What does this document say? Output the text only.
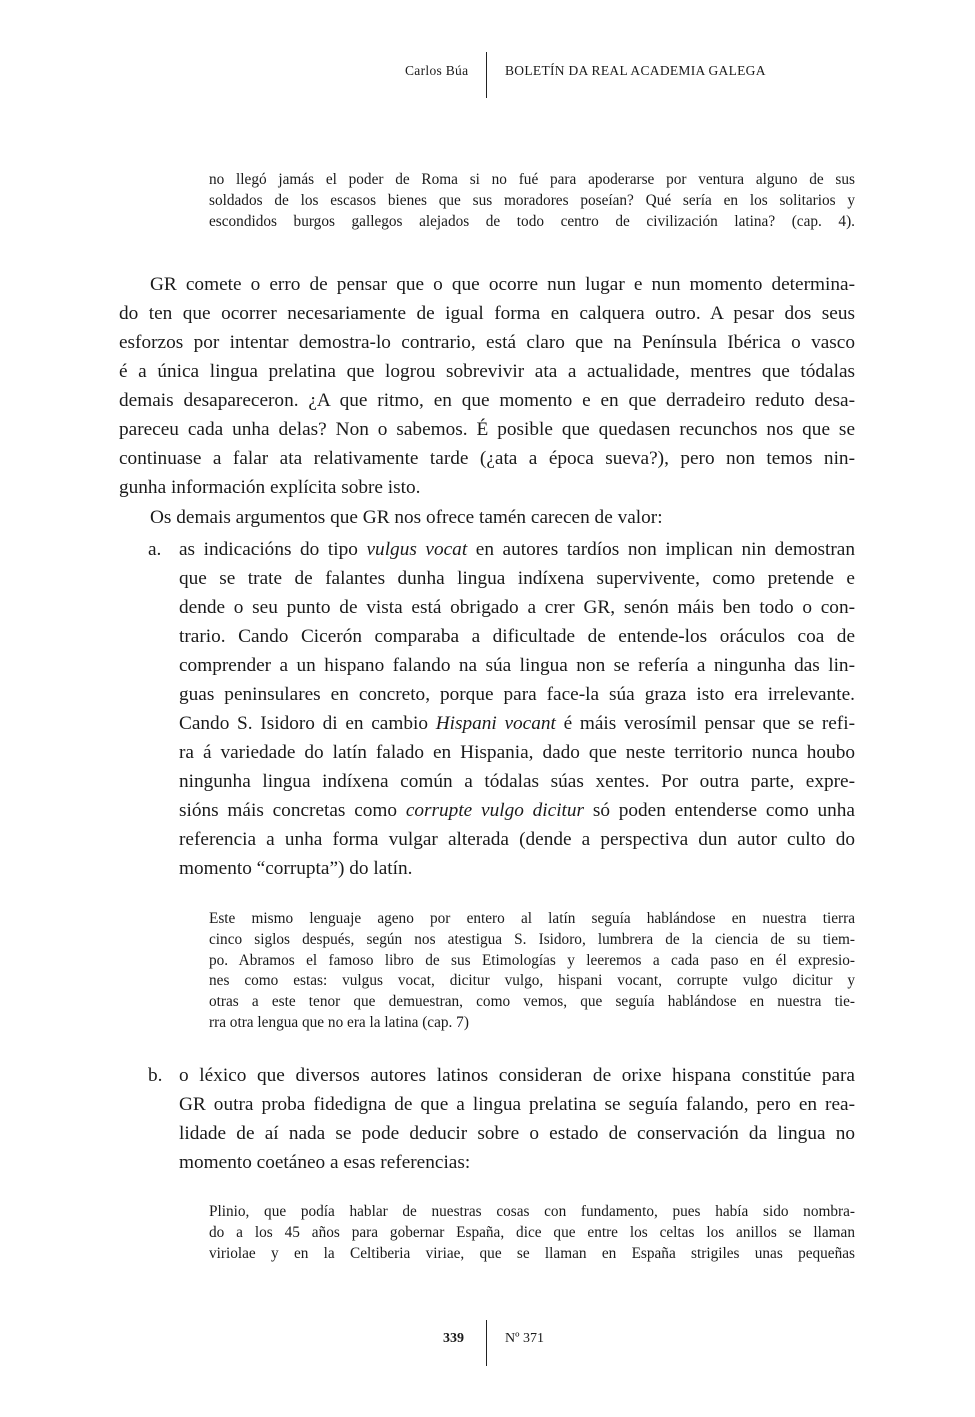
Carlos Búa	BOLETÍN DA REAL ACADEMIA GALEGA
no llegó jamás el poder de Roma si no fué para apoderarse por ventura alguno de sus
soldados de los escasos bienes que sus moradores poseían? Qué sería en los solitarios y
escondidos burgos gallegos alejados de todo centro de civilización latina? (cap. 4).
GR comete o erro de pensar que o que ocorre nun lugar e nun momento determina-
do ten que ocorrer necesariamente de igual forma en calquera outro. A pesar dos seus
esforzos por intentar demostra-lo contrario, está claro que na Península Ibérica o vasco
é a única lingua prelatina que logrou sobrevivir ata a actualidade, mentres que tódalas
demais desapareceron. ¿A que ritmo, en que momento e en que derradeiro reduto desa-
pareceu cada unha delas? Non o sabemos. É posible que quedasen recunchos nos que se
continuase a falar ata relativamente tarde (¿ata a época sueva?), pero non temos nin-
gunha información explícita sobre isto.
Os demais argumentos que GR nos ofrece tamén carecen de valor:
a. as indicacións do tipo vulgus vocat en autores tardíos non implican nin demostran
que se trate de falantes dunha lingua indíxena supervivente, como pretende e
dende o seu punto de vista está obrigado a crer GR, senón máis ben todo o con-
trario. Cando Cicerón comparaba a dificultade de entende-los oráculos coa de
comprender a un hispano falando na súa lingua non se refería a ningunha das lin-
guas peninsulares en concreto, porque para face-la súa graza isto era irrelevante.
Cando S. Isidoro di en cambio Hispani vocant é máis verosímil pensar que se refi-
ra á variedade do latín falado en Hispania, dado que neste territorio nunca houbo
ningunha lingua indíxena común a tódalas súas xentes. Por outra parte, expre-
sións máis concretas como corrupte vulgo dicitur só poden entenderse como unha
referencia a unha forma vulgar alterada (dende a perspectiva dun autor culto do
momento “corrupta”) do latín.
Este mismo lenguaje ageno por entero al latín seguía hablándose en nuestra tierra
cinco siglos después, según nos atestigua S. Isidoro, lumbrera de la ciencia de su tiem-
po. Abramos el famoso libro de sus Etimologías y leeremos a cada paso en él expresio-
nes como estas: vulgus vocat, dicitur vulgo, hispani vocant, corrupte vulgo dicitur y
otras a este tenor que demuestran, como vemos, que seguía hablándose en nuestra tie-
rra otra lengua que no era la latina (cap. 7)
b. o léxico que diversos autores latinos consideran de orixe hispana constitúe para
GR outra proba fidedigna de que a lingua prelatina se seguía falando, pero en rea-
lidade de aí nada se pode deducir sobre o estado de conservación da lingua no
momento coetáneo a esas referencias:
Plinio, que podía hablar de nuestras cosas con fundamento, pues había sido nombra-
do a los 45 años para gobernar España, dice que entre los celtas los anillos se llaman
viriolae y en la Celtiberia viriae, que se llaman en España strigiles unas pequeñas
339	Nº 371
